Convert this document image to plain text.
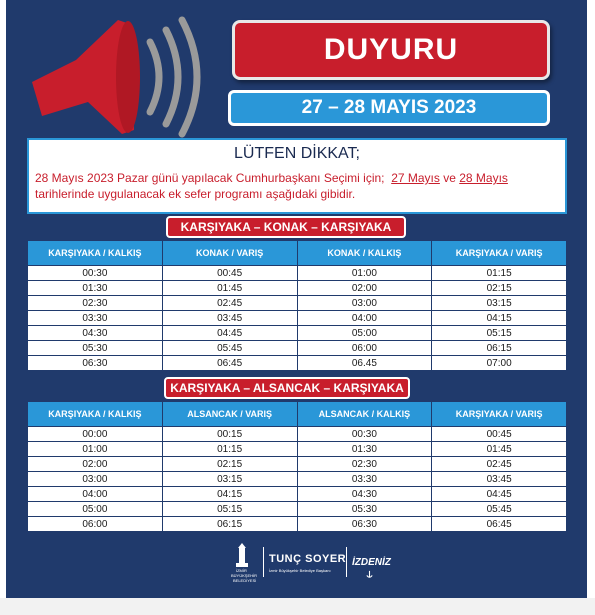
DUYURU
27 – 28 MAYIS 2023
LÜTFEN DİKKAT;
28 Mayıs 2023 Pazar günü yapılacak Cumhurbaşkanı Seçimi için; 27 Mayıs ve 28 Mayıs
tarihlerinde uygulanacak ek sefer programı aşağıdaki gibidir.
KARŞIYAKA – KONAK – KARŞIYAKA
KARŞIYAKA / KALKIŞ	KONAK / VARIŞ	KONAK / KALKIŞ	KARŞIYAKA / VARIŞ
00:30	00:45	01:00	01:15
01:30	01:45	02:00	02:15
02:30	02:45	03:00	03:15
03:30	03:45	04:00	04:15
04:30	04:45	05:00	05:15
05:30	05:45	06:00	06:15
06:30	06:45	06.45	07:00
KARŞIYAKA – ALSANCAK – KARŞIYAKA
KARŞIYAKA / KALKIŞ	ALSANCAK / VARIŞ	ALSANCAK / KALKIŞ	KARŞIYAKA / VARIŞ
00:00	00:15	00:30	00:45
01:00	01:15	01:30	01:45
02:00	02:15	02:30	02:45
03:00	03:15	03:30	03:45
04:00	04:15	04:30	04:45
05:00	05:15	05:30	05:45
06:00	06:15	06:30	06:45
İZMİR
BÜYÜKŞEHİR
BELEDİYESİ
TUNÇ SOYER
İzmir Büyükşehir Belediye Başkanı
İZDENİZ
